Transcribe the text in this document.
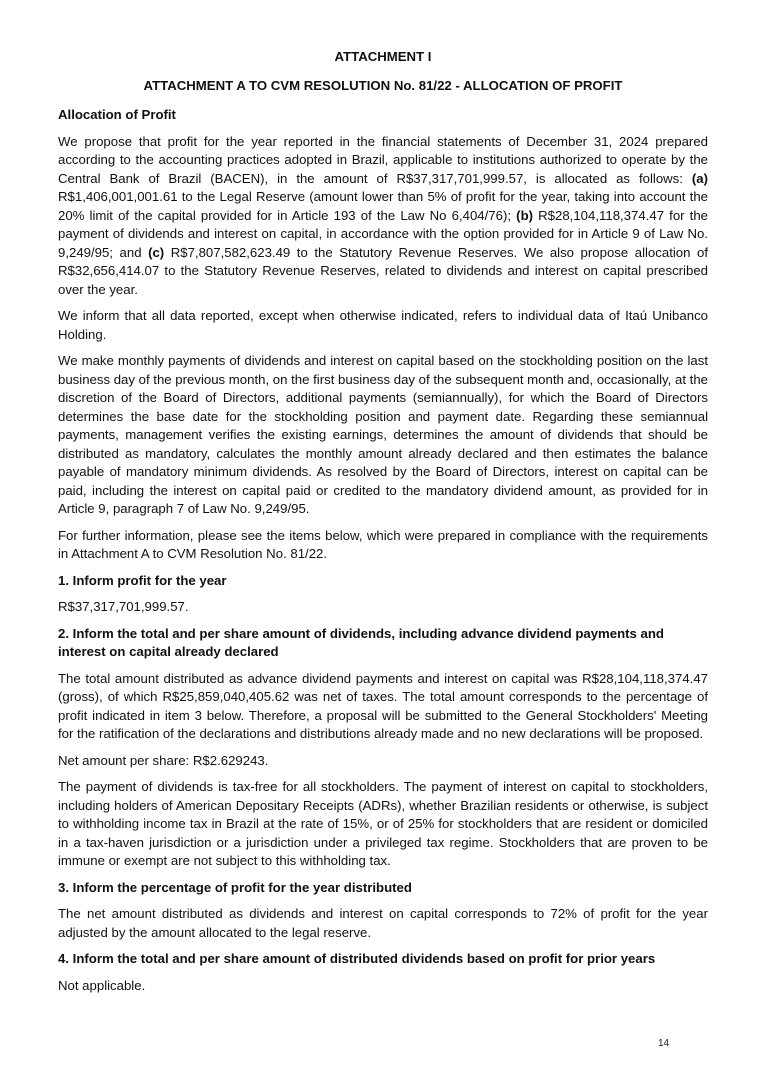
ATTACHMENT I
ATTACHMENT A TO CVM RESOLUTION No. 81/22 - ALLOCATION OF PROFIT
Allocation of Profit

We propose that profit for the year reported in the financial statements of December 31, 2024 prepared according to the accounting practices adopted in Brazil, applicable to institutions authorized to operate by the Central Bank of Brazil (BACEN), in the amount of R$37,317,701,999.57, is allocated as follows: (a) R$1,406,001,001.61 to the Legal Reserve (amount lower than 5% of profit for the year, taking into account the 20% limit of the capital provided for in Article 193 of the Law No 6,404/76); (b) R$28,104,118,374.47 for the payment of dividends and interest on capital, in accordance with the option provided for in Article 9 of Law No. 9,249/95; and (c) R$7,807,582,623.49 to the Statutory Revenue Reserves. We also propose allocation of R$32,656,414.07 to the Statutory Revenue Reserves, related to dividends and interest on capital prescribed over the year.

We inform that all data reported, except when otherwise indicated, refers to individual data of Itaú Unibanco Holding.

We make monthly payments of dividends and interest on capital based on the stockholding position on the last business day of the previous month, on the first business day of the subsequent month and, occasionally, at the discretion of the Board of Directors, additional payments (semiannually), for which the Board of Directors determines the base date for the stockholding position and payment date. Regarding these semiannual payments, management verifies the existing earnings, determines the amount of dividends that should be distributed as mandatory, calculates the monthly amount already declared and then estimates the balance payable of mandatory minimum dividends. As resolved by the Board of Directors, interest on capital can be paid, including the interest on capital paid or credited to the mandatory dividend amount, as provided for in Article 9, paragraph 7 of Law No. 9,249/95.

For further information, please see the items below, which were prepared in compliance with the requirements in Attachment A to CVM Resolution No. 81/22.

1. Inform profit for the year

R$37,317,701,999.57.

2. Inform the total and per share amount of dividends, including advance dividend payments and interest on capital already declared

The total amount distributed as advance dividend payments and interest on capital was R$28,104,118,374.47 (gross), of which R$25,859,040,405.62 was net of taxes. The total amount corresponds to the percentage of profit indicated in item 3 below. Therefore, a proposal will be submitted to the General Stockholders' Meeting for the ratification of the declarations and distributions already made and no new declarations will be proposed.

Net amount per share: R$2.629243.

The payment of dividends is tax-free for all stockholders. The payment of interest on capital to stockholders, including holders of American Depositary Receipts (ADRs), whether Brazilian residents or otherwise, is subject to withholding income tax in Brazil at the rate of 15%, or of 25% for stockholders that are resident or domiciled in a tax-haven jurisdiction or a jurisdiction under a privileged tax regime. Stockholders that are proven to be immune or exempt are not subject to this withholding tax.

3. Inform the percentage of profit for the year distributed

The net amount distributed as dividends and interest on capital corresponds to 72% of profit for the year adjusted by the amount allocated to the legal reserve.

4. Inform the total and per share amount of distributed dividends based on profit for prior years

Not applicable.

14
